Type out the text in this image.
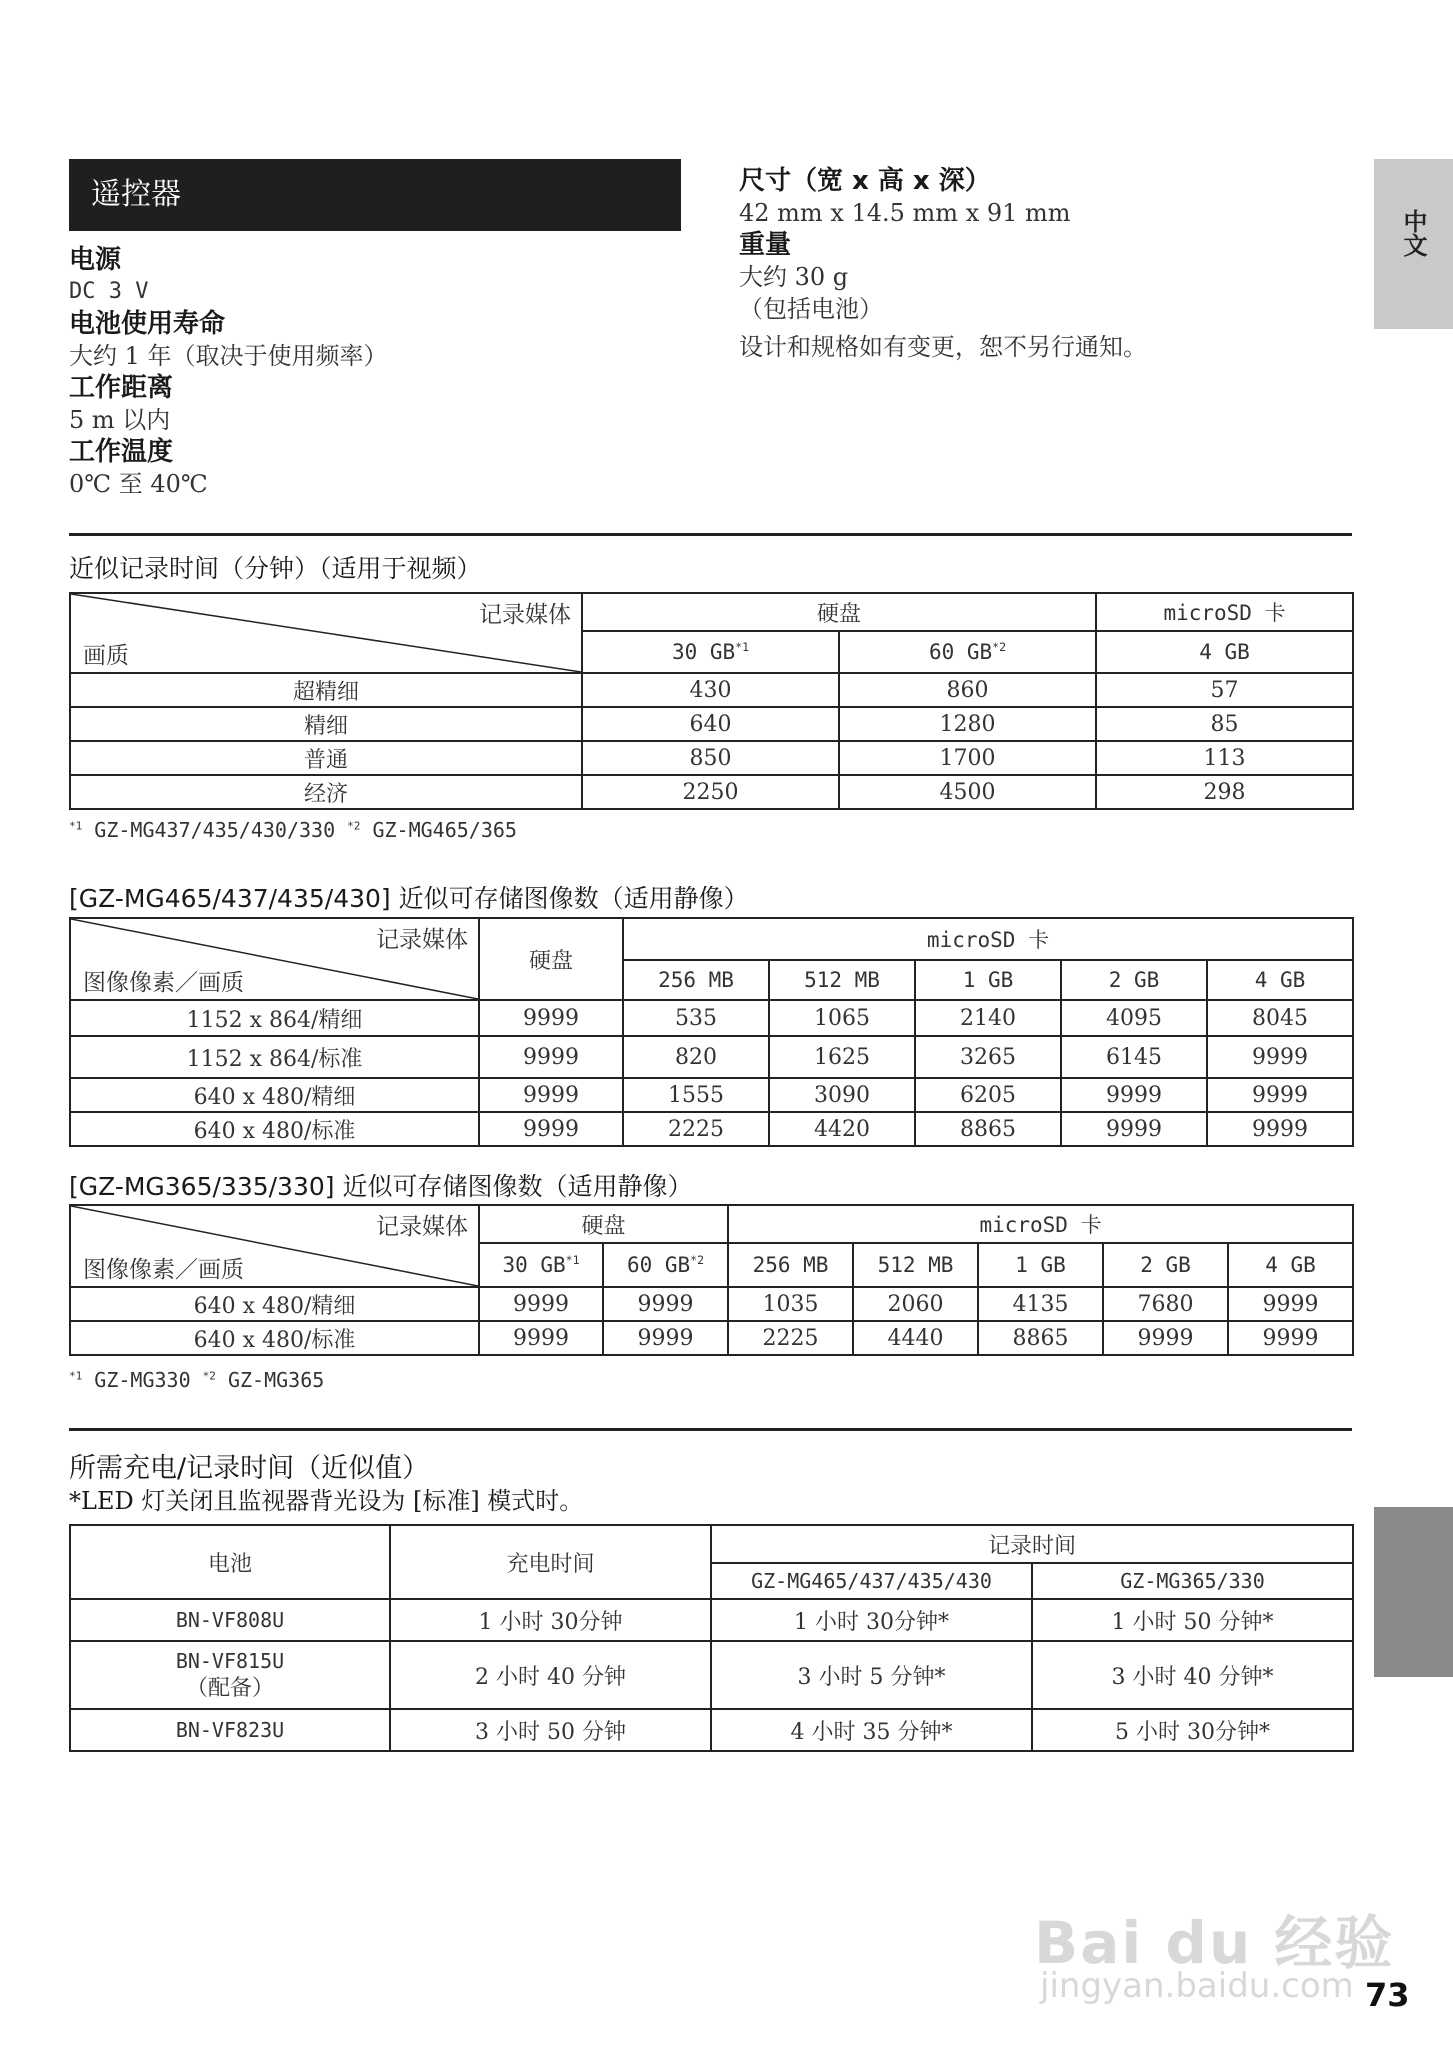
遥控器
电源
DC 3 V
电池使用寿命
大约 1 年（取决于使用频率）
工作距离
5 m 以内
工作温度
0℃ 至 40℃
尺寸（宽 x 高 x 深）
42 mm x 14.5 mm x 91 mm
重量
大约 30 g
（包括电池）
设计和规格如有变更，恕不另行通知。
中文
近似记录时间（分钟）（适用于视频）
记录媒体
画质	硬盘		microSD 卡
	30 GB$^{*1}$	60 GB$^{*2}$	4 GB
超精细	430	860	57
精细	640	1280	85
普通	850	1700	113
经济	2250	4500	298
$^{*1}$ GZ-MG437/435/430/330 $^{*2}$ GZ-MG465/365
[GZ-MG465/437/435/430] 近似可存储图像数（适用静像）
记录媒体
图像像素／画质	硬盘	microSD 卡				
		256 MB	512 MB	1 GB	2 GB	4 GB
1152 x 864/精细	9999	535	1065	2140	4095	8045
1152 x 864/标准	9999	820	1625	3265	6145	9999
640 x 480/精细	9999	1555	3090	6205	9999	9999
640 x 480/标准	9999	2225	4420	8865	9999	9999
[GZ-MG365/335/330] 近似可存储图像数（适用静像）
记录媒体
图像像素／画质	硬盘		microSD 卡				
	30 GB$^{*1}$	60 GB$^{*2}$	256 MB	512 MB	1 GB	2 GB	4 GB
640 x 480/精细	9999	9999	1035	2060	4135	7680	9999
640 x 480/标准	9999	9999	2225	4440	8865	9999	9999
$^{*1}$ GZ-MG330 $^{*2}$ GZ-MG365
所需充电/记录时间（近似值）
*LED 灯关闭且监视器背光设为 [标准] 模式时。
电池	充电时间	记录时间	
		GZ-MG465/437/435/430	GZ-MG365/330
BN-VF808U	1 小时 30分钟	1 小时 30分钟*	1 小时 50 分钟*

BN-VF815U
（配备）	2 小时 40 分钟	3 小时 5 分钟*	3 小时 40 分钟*
BN-VF823U	3 小时 50 分钟	4 小时 35 分钟*	5 小时 30分钟*
Bai du 经验
jingyan.baidu.com 73
